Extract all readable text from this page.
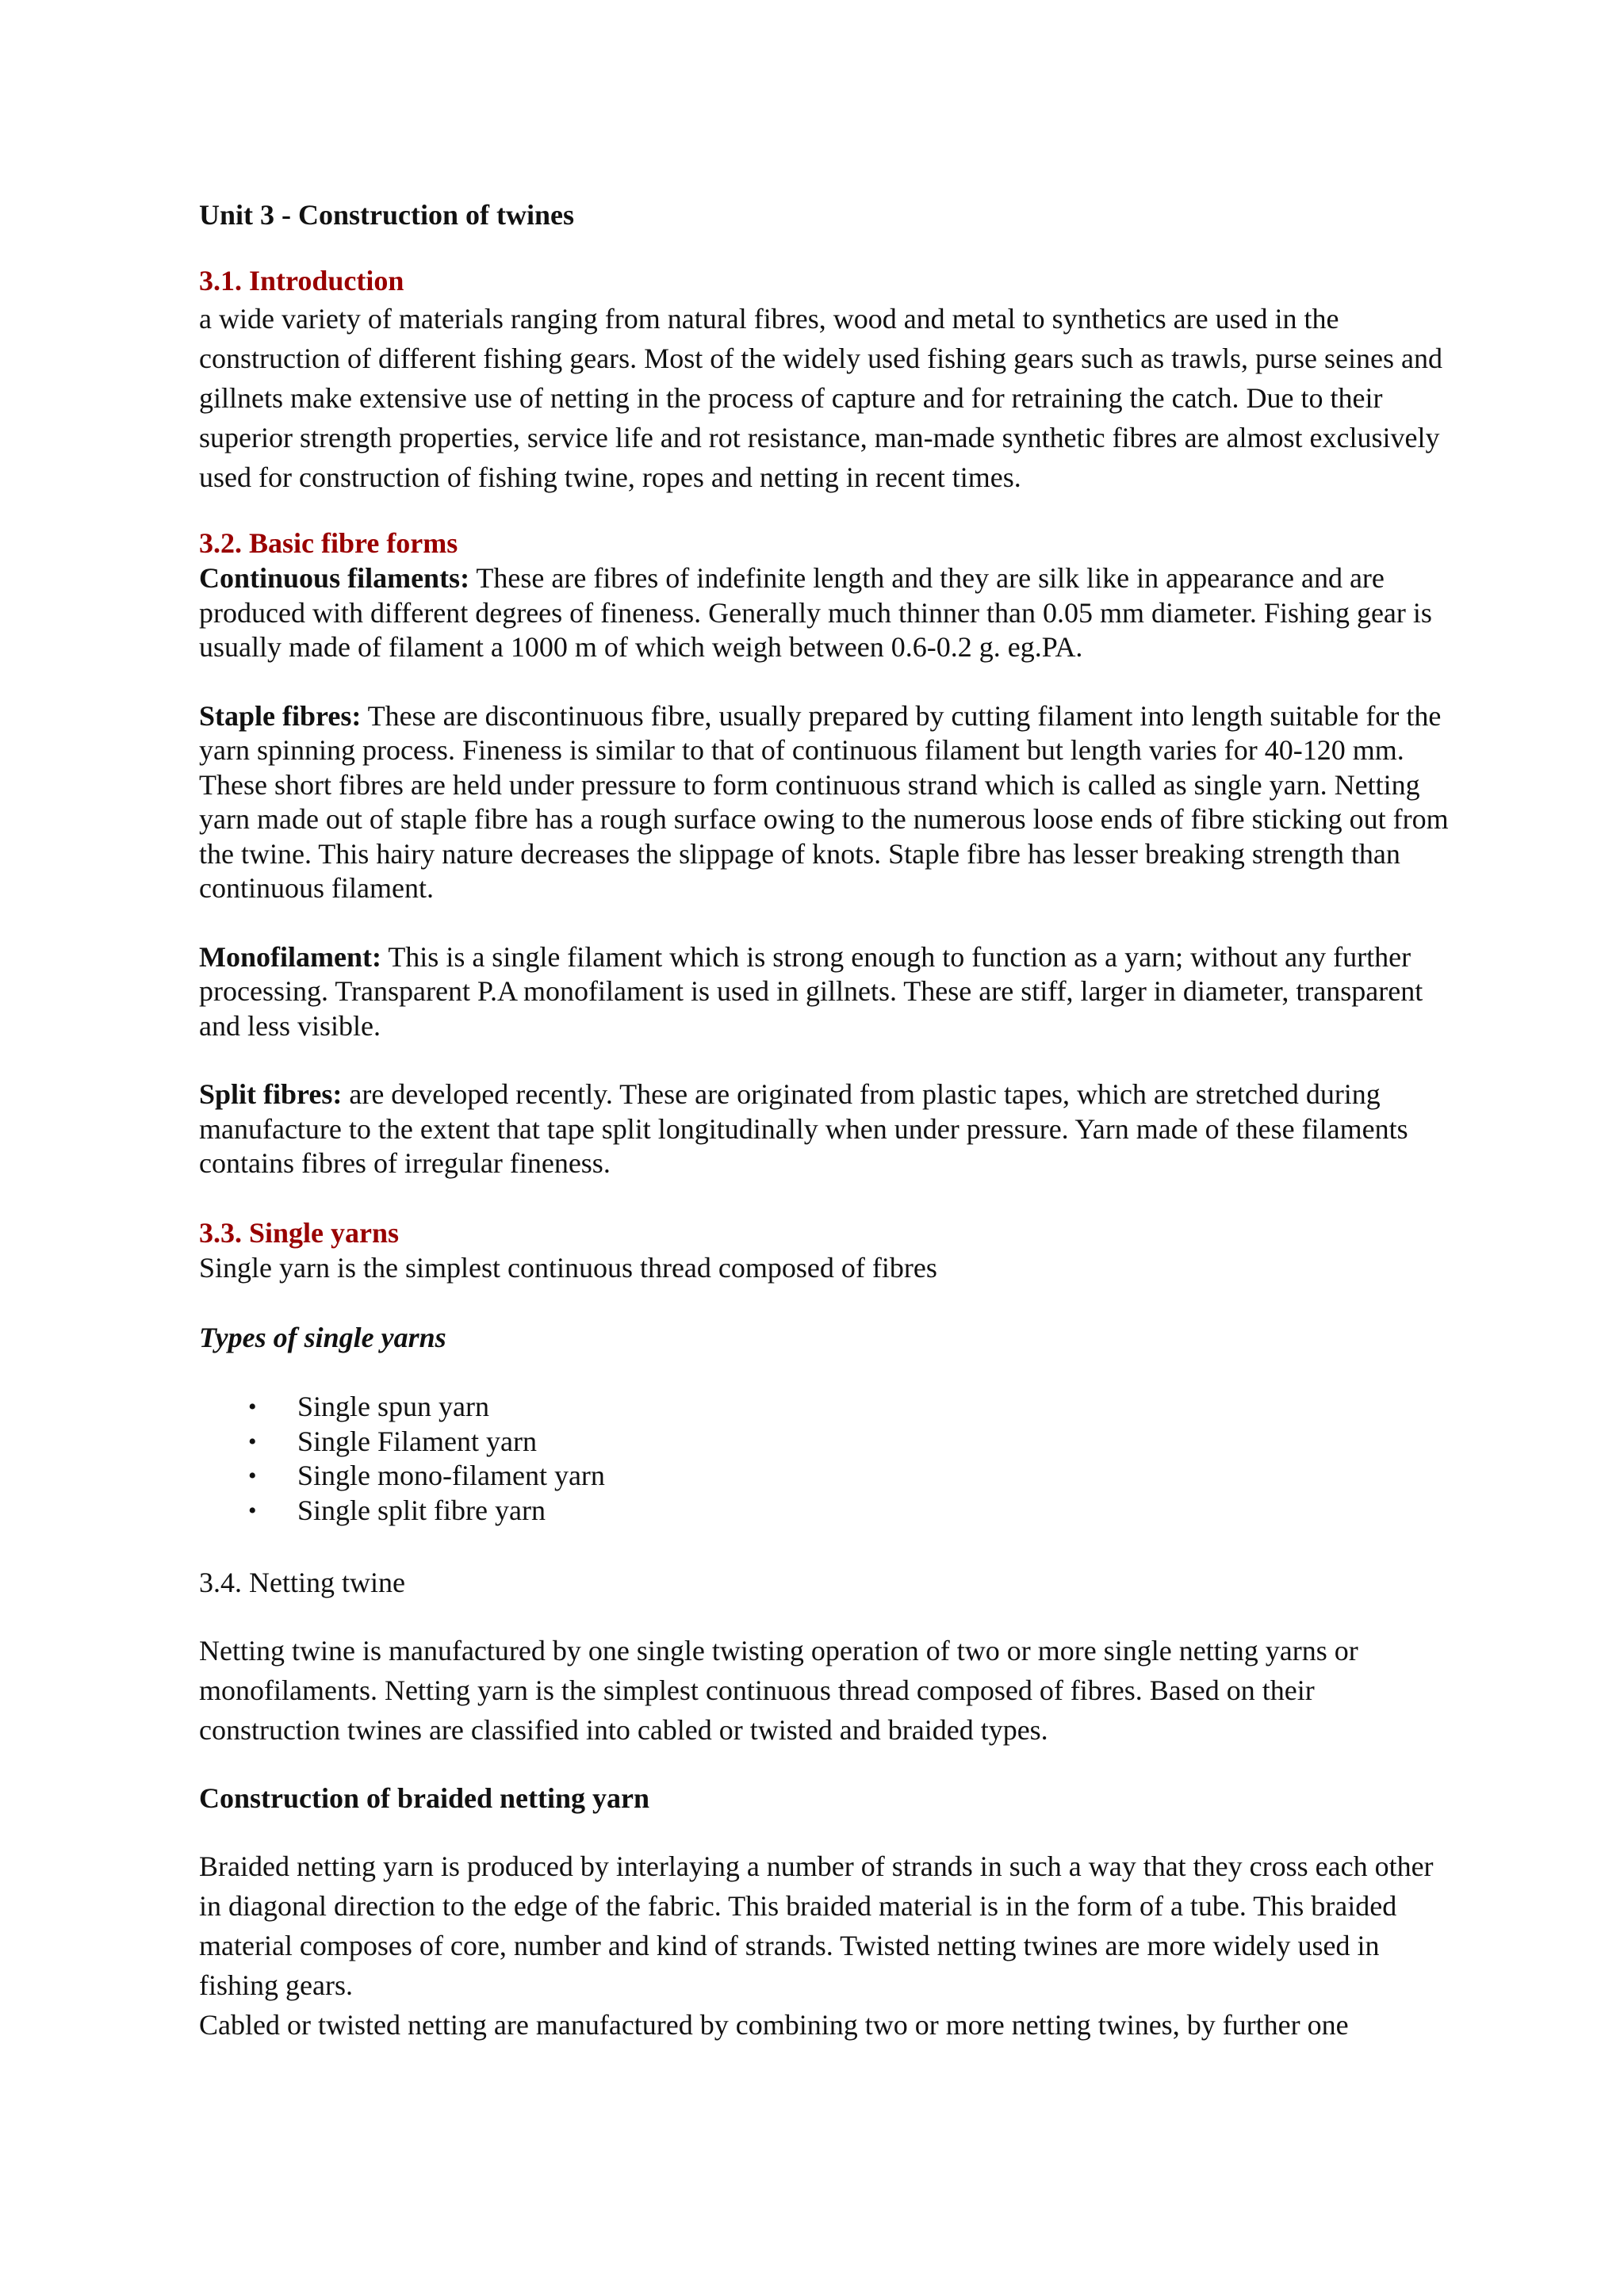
Unit 3 - Construction of twines

3.1. Introduction

a wide variety of materials ranging from natural fibres, wood and metal to synthetics are used in the construction of different fishing gears. Most of the widely used fishing gears such as trawls, purse seines and gillnets make extensive use of netting in the process of capture and for retraining the catch. Due to their superior strength properties, service life and rot resistance, man-made synthetic fibres are almost exclusively used for construction of fishing twine, ropes and netting in recent times.

3.2. Basic fibre forms

Continuous filaments: These are fibres of indefinite length and they are silk like in appearance and are produced with different degrees of fineness. Generally much thinner than 0.05 mm diameter. Fishing gear is usually made of filament a 1000 m of which weigh between 0.6-0.2 g. eg.PA.

Staple fibres: These are discontinuous fibre, usually prepared by cutting filament into length suitable for the yarn spinning process. Fineness is similar to that of continuous filament but length varies for 40-120 mm. These short fibres are held under pressure to form continuous strand which is called as single yarn. Netting yarn made out of staple fibre has a rough surface owing to the numerous loose ends of fibre sticking out from the twine. This hairy nature decreases the slippage of knots. Staple fibre has lesser breaking strength than continuous filament.

Monofilament: This is a single filament which is strong enough to function as a yarn; without any further processing. Transparent P.A monofilament is used in gillnets. These are stiff, larger in diameter, transparent and less visible.

Split fibres: are developed recently. These are originated from plastic tapes, which are stretched during manufacture to the extent that tape split longitudinally when under pressure. Yarn made of these filaments contains fibres of irregular fineness.

3.3. Single yarns

Single yarn is the simplest continuous thread composed of fibres

Types of single yarns

• Single spun yarn
• Single Filament yarn
• Single mono-filament yarn
• Single split fibre yarn

3.4. Netting twine

Netting twine is manufactured by one single twisting operation of two or more single netting yarns or monofilaments. Netting yarn is the simplest continuous thread composed of fibres. Based on their construction twines are classified into cabled or twisted and braided types.

Construction of braided netting yarn

Braided netting yarn is produced by interlaying a number of strands in such a way that they cross each other in diagonal direction to the edge of the fabric. This braided material is in the form of a tube. This braided material composes of core, number and kind of strands. Twisted netting twines are more widely used in fishing gears.

Cabled or twisted netting are manufactured by combining two or more netting twines, by further one
